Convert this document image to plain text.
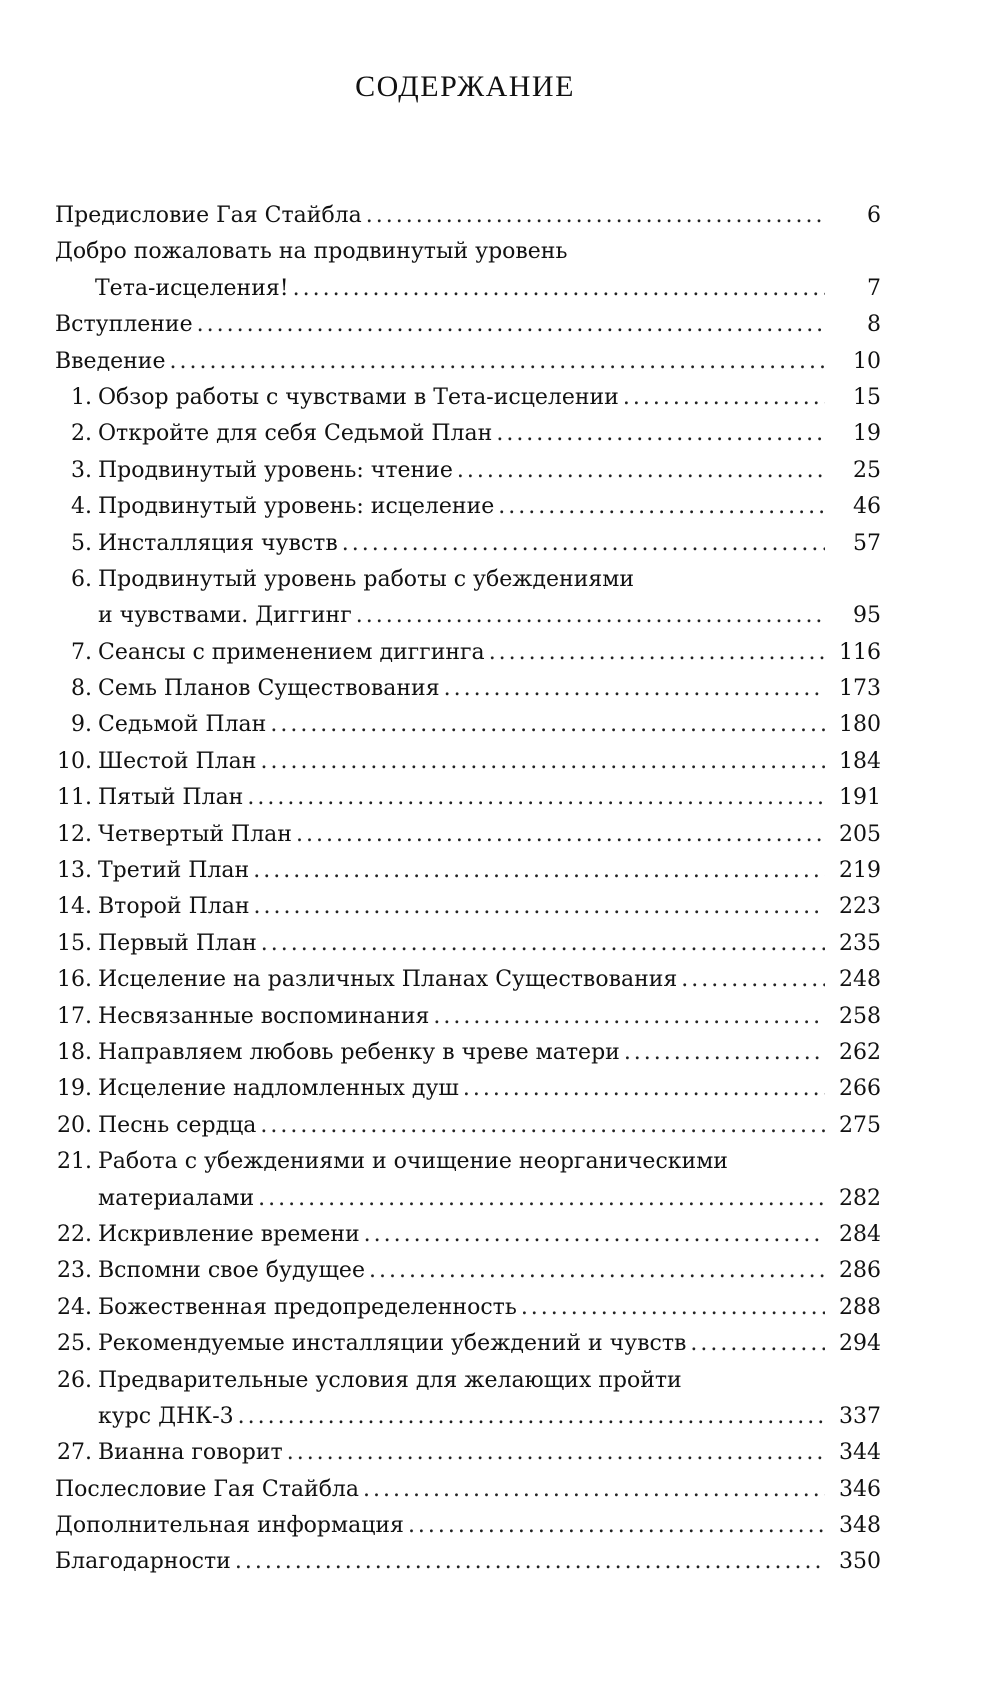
СОДЕРЖАНИЕ
Предисловие Гая Стайбла .....	6
Добро пожаловать на продвинутый уровень
Тета-исцеления! .....	7
Вступление .....	8
Введение .....	10
1. Обзор работы с чувствами в Тета-исцелении .....	15
2. Откройте для себя Седьмой План .....	19
3. Продвинутый уровень: чтение .....	25
4. Продвинутый уровень: исцеление .....	46
5. Инсталляция чувств .....	57
6. Продвинутый уровень работы с убеждениями
и чувствами. Диггинг .....	95
7. Сеансы с применением диггинга .....	116
8. Семь Планов Существования .....	173
9. Седьмой План .....	180
10. Шестой План .....	184
11. Пятый План .....	191
12. Четвертый План .....	205
13. Третий План .....	219
14. Второй План .....	223
15. Первый План .....	235
16. Исцеление на различных Планах Существования .....	248
17. Несвязанные воспоминания .....	258
18. Направляем любовь ребенку в чреве матери .....	262
19. Исцеление надломленных душ .....	266
20. Песнь сердца .....	275
21. Работа с убеждениями и очищение неорганическими
материалами .....	282
22. Искривление времени .....	284
23. Вспомни свое будущее .....	286
24. Божественная предопределенность .....	288
25. Рекомендуемые инсталляции убеждений и чувств .....	294
26. Предварительные условия для желающих пройти
курс ДНК-3 .....	337
27. Вианна говорит .....	344
Послесловие Гая Стайбла .....	346
Дополнительная информация .....	348
Благодарности .....	350
